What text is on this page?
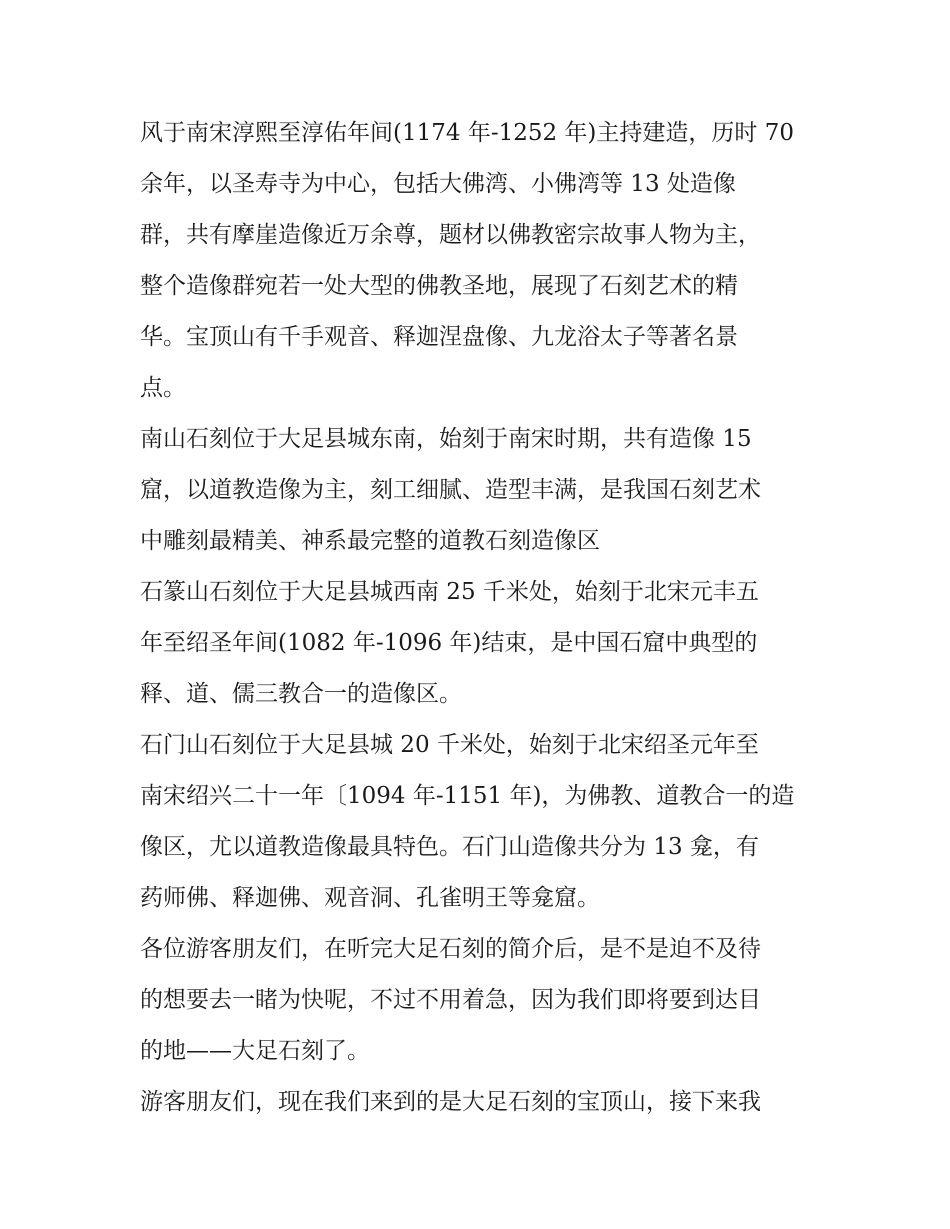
风于南宋淳熙至淳佑年间(1174 年-1252 年)主持建造，历时 70
余年，以圣寿寺为中心，包括大佛湾、小佛湾等 13 处造像
群，共有摩崖造像近万余尊，题材以佛教密宗故事人物为主，
整个造像群宛若一处大型的佛教圣地，展现了石刻艺术的精
华。宝顶山有千手观音、释迦涅盘像、九龙浴太子等著名景
点。

南山石刻位于大足县城东南，始刻于南宋时期，共有造像 15
窟，以道教造像为主，刻工细腻、造型丰满，是我国石刻艺术
中雕刻最精美、神系最完整的道教石刻造像区

石篆山石刻位于大足县城西南 25 千米处，始刻于北宋元丰五
年至绍圣年间(1082 年-1096 年)结束，是中国石窟中典型的
释、道、儒三教合一的造像区。

石门山石刻位于大足县城 20 千米处，始刻于北宋绍圣元年至
南宋绍兴二十一年〔1094 年-1151 年)，为佛教、道教合一的造
像区，尤以道教造像最具特色。石门山造像共分为 13 龛，有
药师佛、释迦佛、观音洞、孔雀明王等龛窟。

各位游客朋友们，在听完大足石刻的简介后，是不是迫不及待
的想要去一睹为快呢，不过不用着急，因为我们即将要到达目
的地——大足石刻了。

游客朋友们，现在我们来到的是大足石刻的宝顶山，接下来我
